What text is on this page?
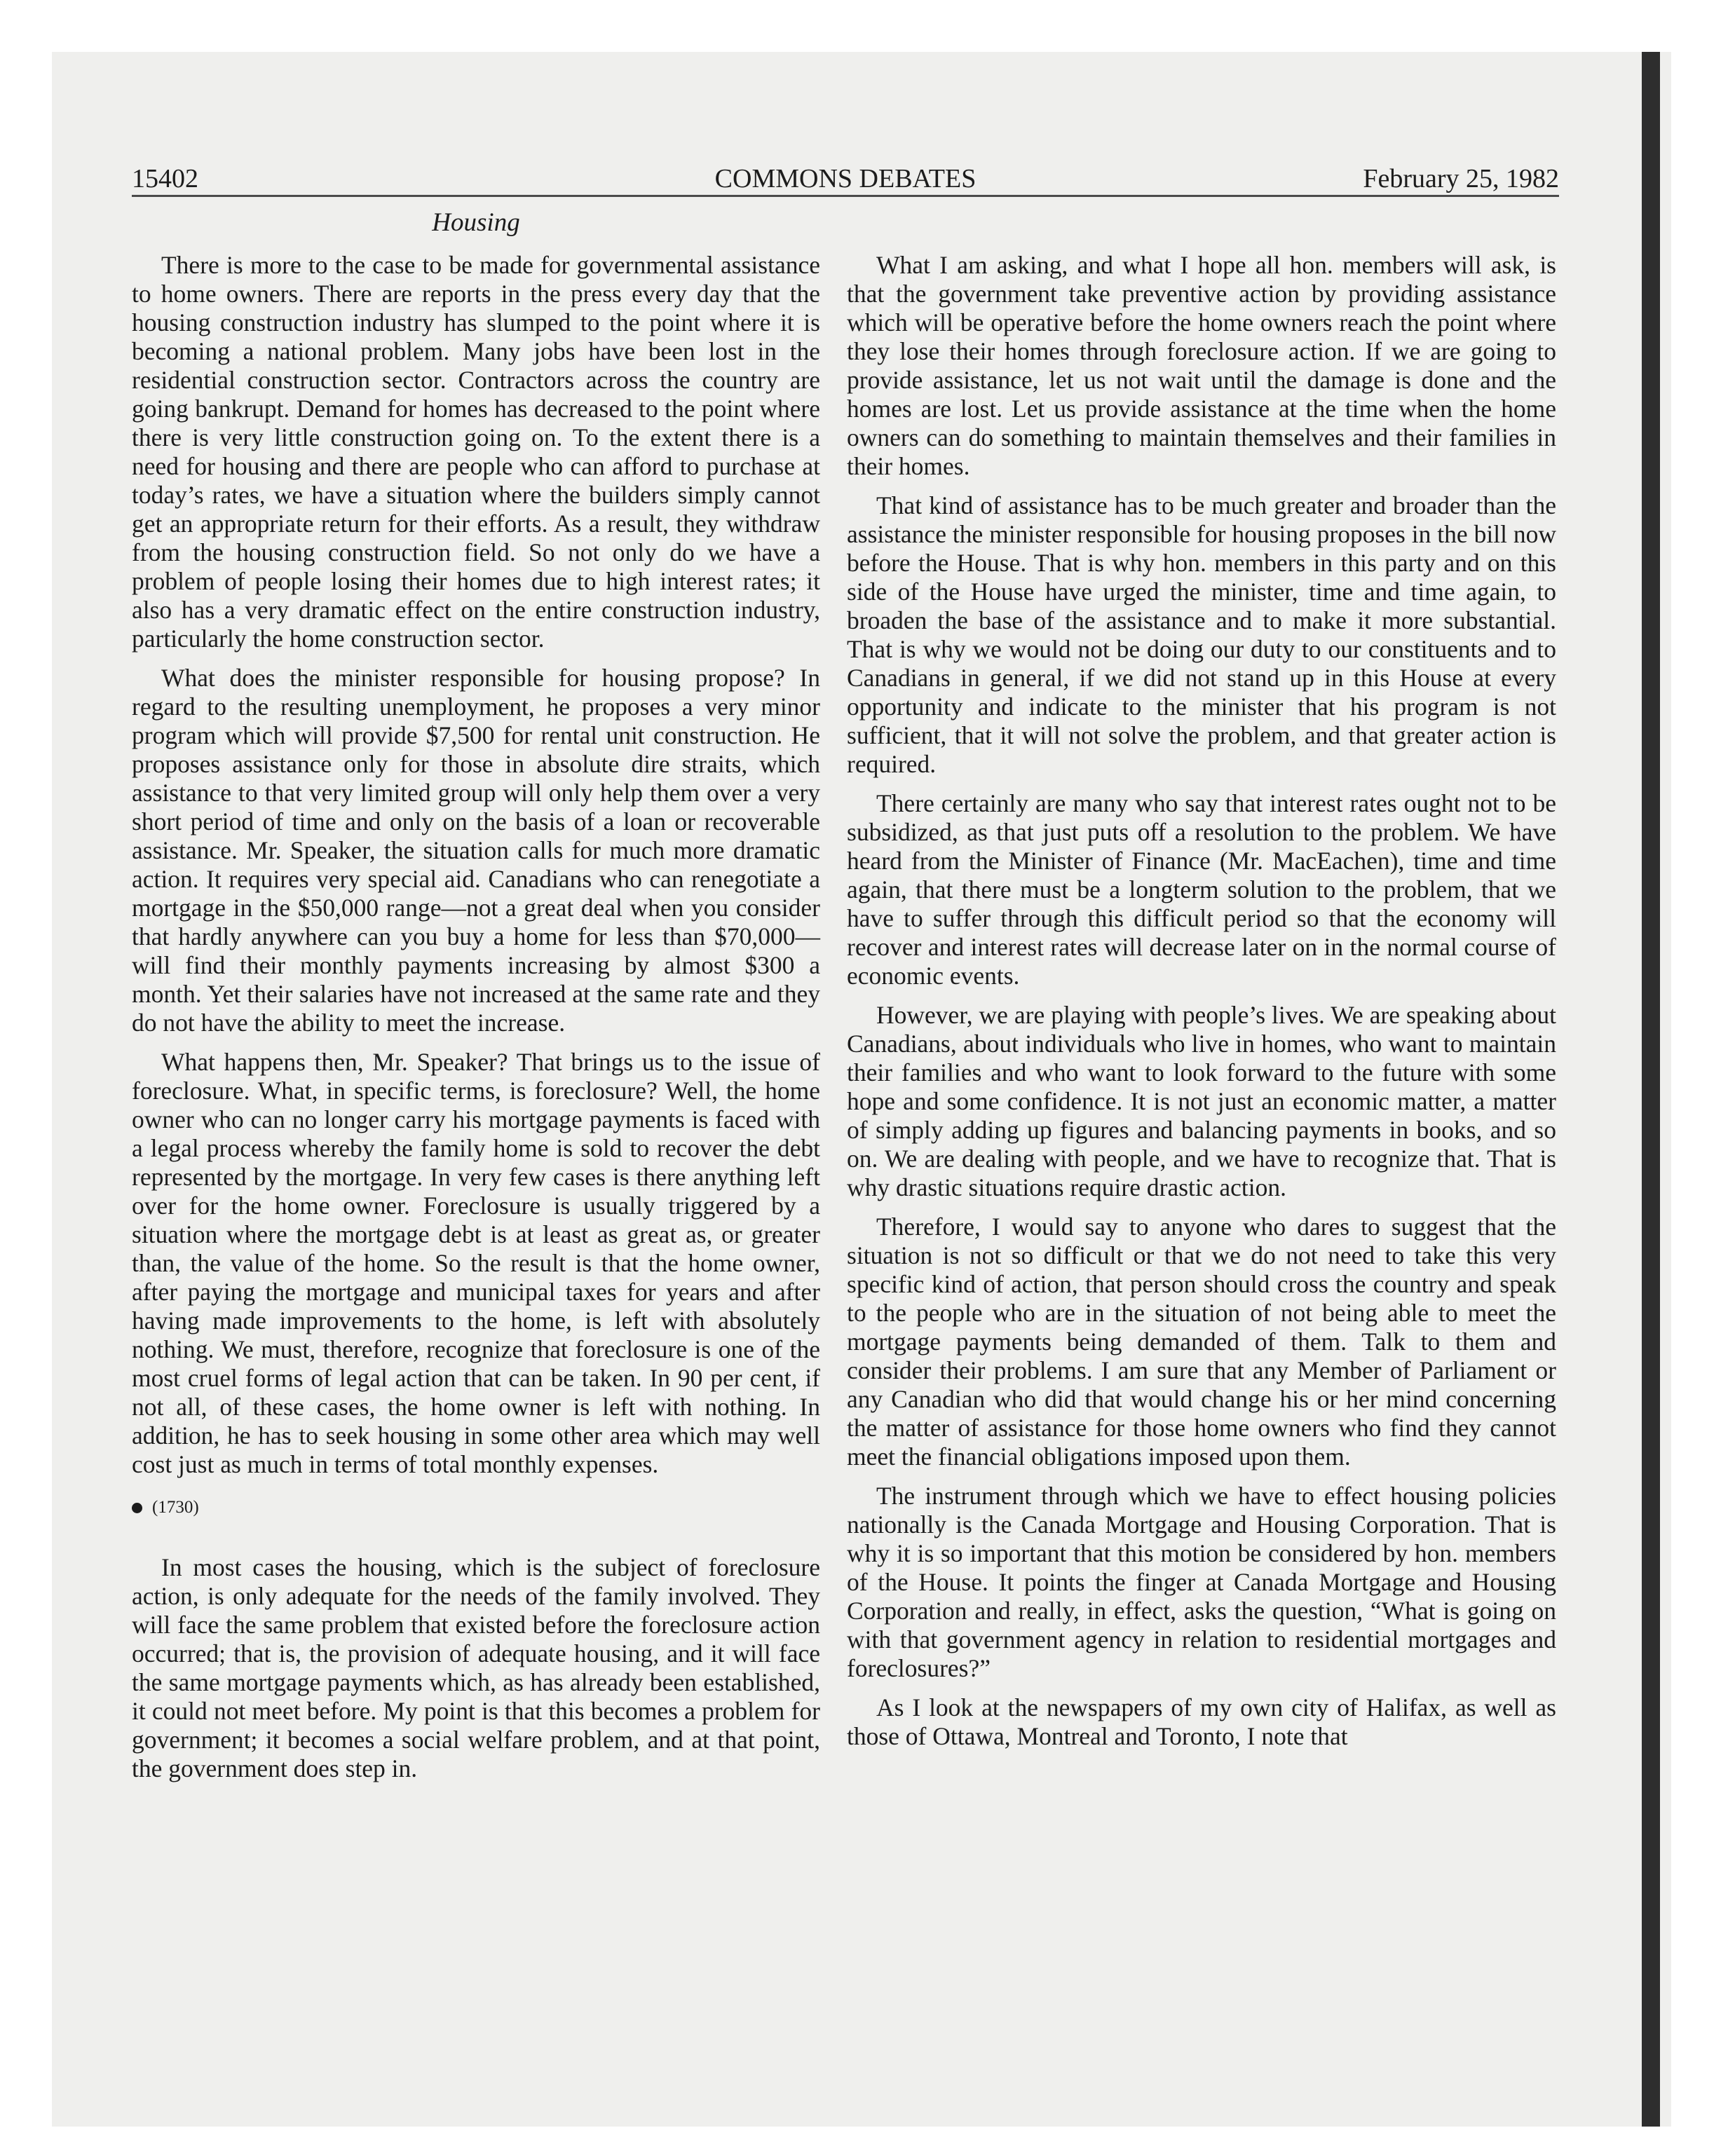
15402	COMMONS DEBATES	February 25, 1982
Housing

There is more to the case to be made for governmental assistance to home owners. There are reports in the press every day that the housing construction industry has slumped to the point where it is becoming a national problem. Many jobs have been lost in the residential construction sector. Contractors across the country are going bankrupt. Demand for homes has decreased to the point where there is very little construction going on. To the extent there is a need for housing and there are people who can afford to purchase at today’s rates, we have a situation where the builders simply cannot get an appropriate return for their efforts. As a result, they withdraw from the housing construction field. So not only do we have a problem of people losing their homes due to high interest rates; it also has a very dramatic effect on the entire construction industry, particularly the home construction sector.

What does the minister responsible for housing propose? In regard to the resulting unemployment, he proposes a very minor program which will provide $7,500 for rental unit construction. He proposes assistance only for those in absolute dire straits, which assistance to that very limited group will only help them over a very short period of time and only on the basis of a loan or recoverable assistance. Mr. Speaker, the situation calls for much more dramatic action. It requires very special aid. Canadians who can renegotiate a mortgage in the $50,000 range—not a great deal when you consider that hardly anywhere can you buy a home for less than $70,000— will find their monthly payments increasing by almost $300 a month. Yet their salaries have not increased at the same rate and they do not have the ability to meet the increase.

What happens then, Mr. Speaker? That brings us to the issue of foreclosure. What, in specific terms, is foreclosure? Well, the home owner who can no longer carry his mortgage payments is faced with a legal process whereby the family home is sold to recover the debt represented by the mortgage. In very few cases is there anything left over for the home owner. Foreclosure is usually triggered by a situation where the mortgage debt is at least as great as, or greater than, the value of the home. So the result is that the home owner, after paying the mortgage and municipal taxes for years and after having made improvements to the home, is left with absolutely nothing. We must, therefore, recognize that foreclosure is one of the most cruel forms of legal action that can be taken. In 90 per cent, if not all, of these cases, the home owner is left with nothing. In addition, he has to seek housing in some other area which may well cost just as much in terms of total monthly expenses.

(1730)

In most cases the housing, which is the subject of foreclosure action, is only adequate for the needs of the family involved. They will face the same problem that existed before the foreclosure action occurred; that is, the provision of adequate housing, and it will face the same mortgage payments which, as has already been established, it could not meet before. My point is that this becomes a problem for government; it becomes a social welfare problem, and at that point, the government does step in.

What I am asking, and what I hope all hon. members will ask, is that the government take preventive action by providing assistance which will be operative before the home owners reach the point where they lose their homes through foreclosure action. If we are going to provide assistance, let us not wait until the damage is done and the homes are lost. Let us provide assistance at the time when the home owners can do something to maintain themselves and their families in their homes.

That kind of assistance has to be much greater and broader than the assistance the minister responsible for housing proposes in the bill now before the House. That is why hon. members in this party and on this side of the House have urged the minister, time and time again, to broaden the base of the assistance and to make it more substantial. That is why we would not be doing our duty to our constituents and to Canadians in general, if we did not stand up in this House at every opportunity and indicate to the minister that his program is not sufficient, that it will not solve the problem, and that greater action is required.

There certainly are many who say that interest rates ought not to be subsidized, as that just puts off a resolution to the problem. We have heard from the Minister of Finance (Mr. MacEachen), time and time again, that there must be a longterm solution to the problem, that we have to suffer through this difficult period so that the economy will recover and interest rates will decrease later on in the normal course of economic events.

However, we are playing with people’s lives. We are speaking about Canadians, about individuals who live in homes, who want to maintain their families and who want to look forward to the future with some hope and some confidence. It is not just an economic matter, a matter of simply adding up figures and balancing payments in books, and so on. We are dealing with people, and we have to recognize that. That is why drastic situations require drastic action.

Therefore, I would say to anyone who dares to suggest that the situation is not so difficult or that we do not need to take this very specific kind of action, that person should cross the country and speak to the people who are in the situation of not being able to meet the mortgage payments being demanded of them. Talk to them and consider their problems. I am sure that any Member of Parliament or any Canadian who did that would change his or her mind concerning the matter of assistance for those home owners who find they cannot meet the financial obligations imposed upon them.

The instrument through which we have to effect housing policies nationally is the Canada Mortgage and Housing Corporation. That is why it is so important that this motion be considered by hon. members of the House. It points the finger at Canada Mortgage and Housing Corporation and really, in effect, asks the question, “What is going on with that government agency in relation to residential mortgages and foreclosures?”

As I look at the newspapers of my own city of Halifax, as well as those of Ottawa, Montreal and Toronto, I note that
